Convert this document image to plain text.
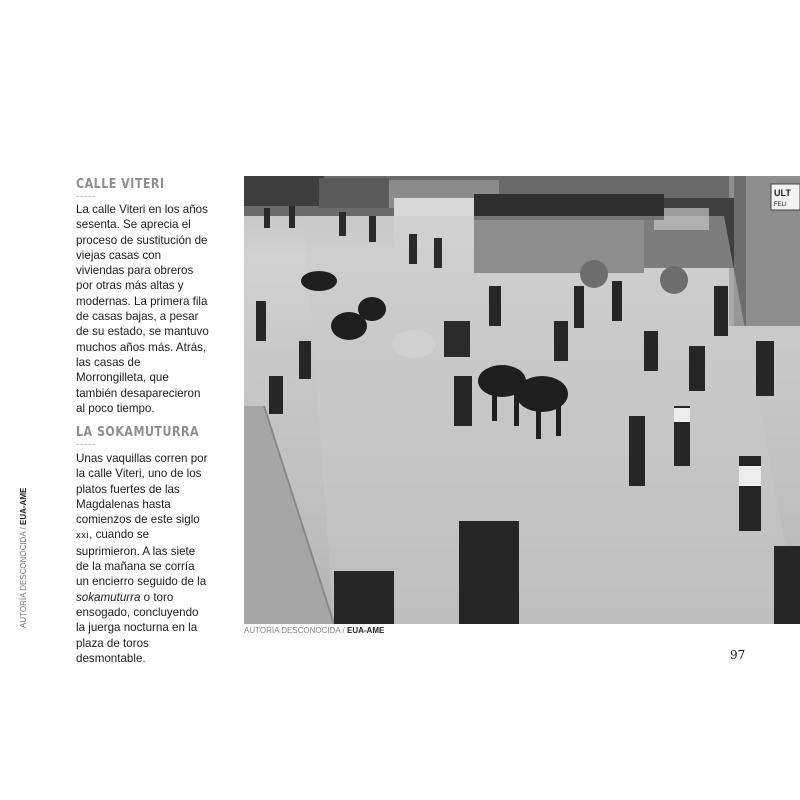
AUTORÍA DESCONOCIDA / EUA-AME
CALLE VITERI
-----
La calle Viteri en los años sesenta. Se aprecia el proceso de sustitución de viejas casas con viviendas para obreros por otras más altas y modernas. La primera fila de casas bajas, a pesar de su estado, se mantuvo muchos años más. Atrás, las casas de Morrongilleta, que también desaparecieron al poco tiempo.
LA SOKAMUTURRA
-----
Unas vaquillas corren por la calle Viteri, uno de los platos fuertes de las Magdalenas hasta comienzos de este siglo xxi, cuando se suprimieron. A las siete de la mañana se corría un encierro seguido de la sokamuturra o toro ensogado, concluyendo la juerga nocturna en la plaza de toros desmontable.
ULT
FELI
AUTORÍA DESCONOCIDA / EUA-AME
97
